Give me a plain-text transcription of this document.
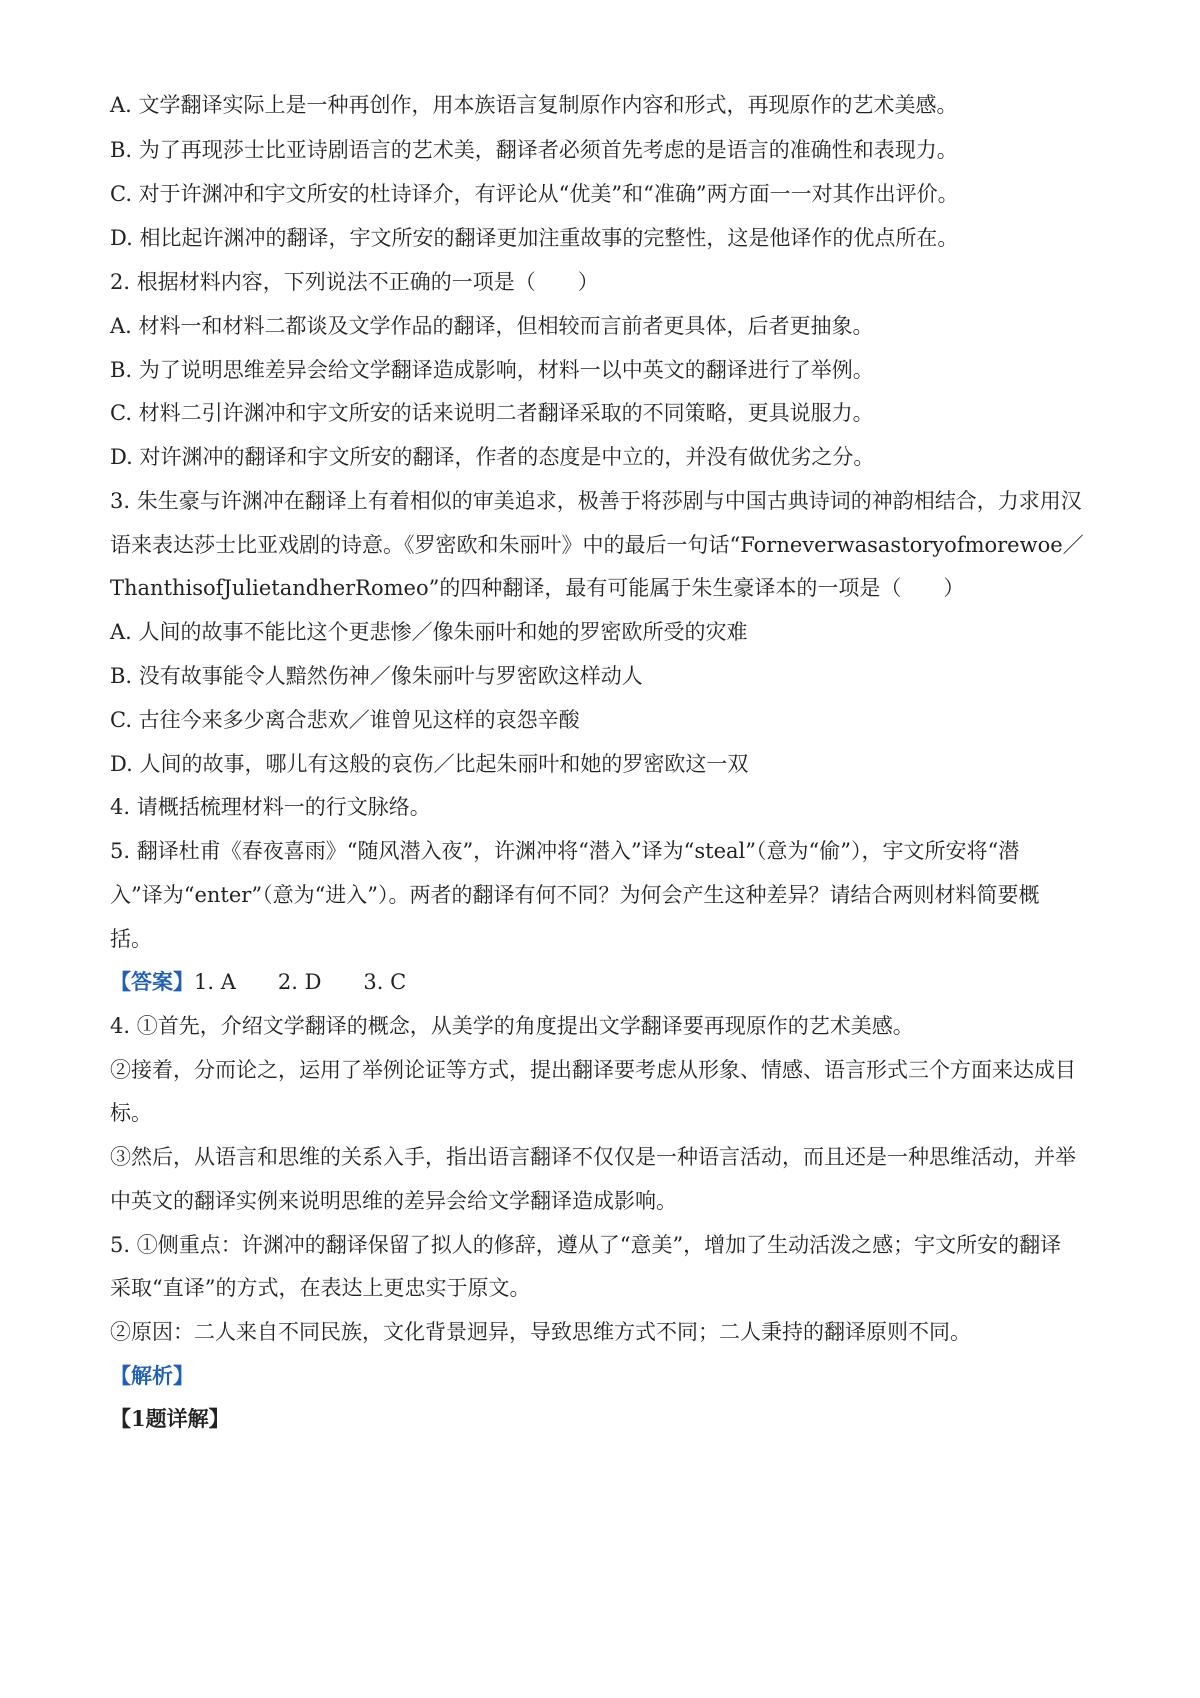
A. 文学翻译实际上是一种再创作，用本族语言复制原作内容和形式，再现原作的艺术美感。
B. 为了再现莎士比亚诗剧语言的艺术美，翻译者必须首先考虑的是语言的准确性和表现力。
C. 对于许渊冲和宇文所安的杜诗译介，有评论从“优美”和“准确”两方面一一对其作出评价。
D. 相比起许渊冲的翻译，宇文所安的翻译更加注重故事的完整性，这是他译作的优点所在。
2. 根据材料内容，下列说法不正确的一项是（　　）
A. 材料一和材料二都谈及文学作品的翻译，但相较而言前者更具体，后者更抽象。
B. 为了说明思维差异会给文学翻译造成影响，材料一以中英文的翻译进行了举例。
C. 材料二引许渊冲和宇文所安的话来说明二者翻译采取的不同策略，更具说服力。
D. 对许渊冲的翻译和宇文所安的翻译，作者的态度是中立的，并没有做优劣之分。
3. 朱生豪与许渊冲在翻译上有着相似的审美追求，极善于将莎剧与中国古典诗词的神韵相结合，力求用汉
语来表达莎士比亚戏剧的诗意。《罗密欧和朱丽叶》中的最后一句话“Forneverwasastoryofmorewoe／
ThanthisofJulietandherRomeo”的四种翻译，最有可能属于朱生豪译本的一项是（　　）
A. 人间的故事不能比这个更悲惨／像朱丽叶和她的罗密欧所受的灾难
B. 没有故事能令人黯然伤神／像朱丽叶与罗密欧这样动人
C. 古往今来多少离合悲欢／谁曾见这样的哀怨辛酸
D. 人间的故事，哪儿有这般的哀伤／比起朱丽叶和她的罗密欧这一双
4. 请概括梳理材料一的行文脉络。
5. 翻译杜甫《春夜喜雨》“随风潜入夜”，许渊冲将“潜入”译为“steal”（意为“偷”），宇文所安将“潜
入”译为“enter”（意为“进入”）。两者的翻译有何不同？为何会产生这种差异？请结合两则材料简要概
括。
【答案】1. A　　2. D　　3. C
4. ①首先，介绍文学翻译的概念，从美学的角度提出文学翻译要再现原作的艺术美感。
②接着，分而论之，运用了举例论证等方式，提出翻译要考虑从形象、情感、语言形式三个方面来达成目
标。
③然后，从语言和思维的关系入手，指出语言翻译不仅仅是一种语言活动，而且还是一种思维活动，并举
中英文的翻译实例来说明思维的差异会给文学翻译造成影响。
5. ①侧重点：许渊冲的翻译保留了拟人的修辞，遵从了“意美”，增加了生动活泼之感；宇文所安的翻译
采取“直译”的方式，在表达上更忠实于原文。
②原因：二人来自不同民族，文化背景迥异，导致思维方式不同；二人秉持的翻译原则不同。
【解析】
【1题详解】
